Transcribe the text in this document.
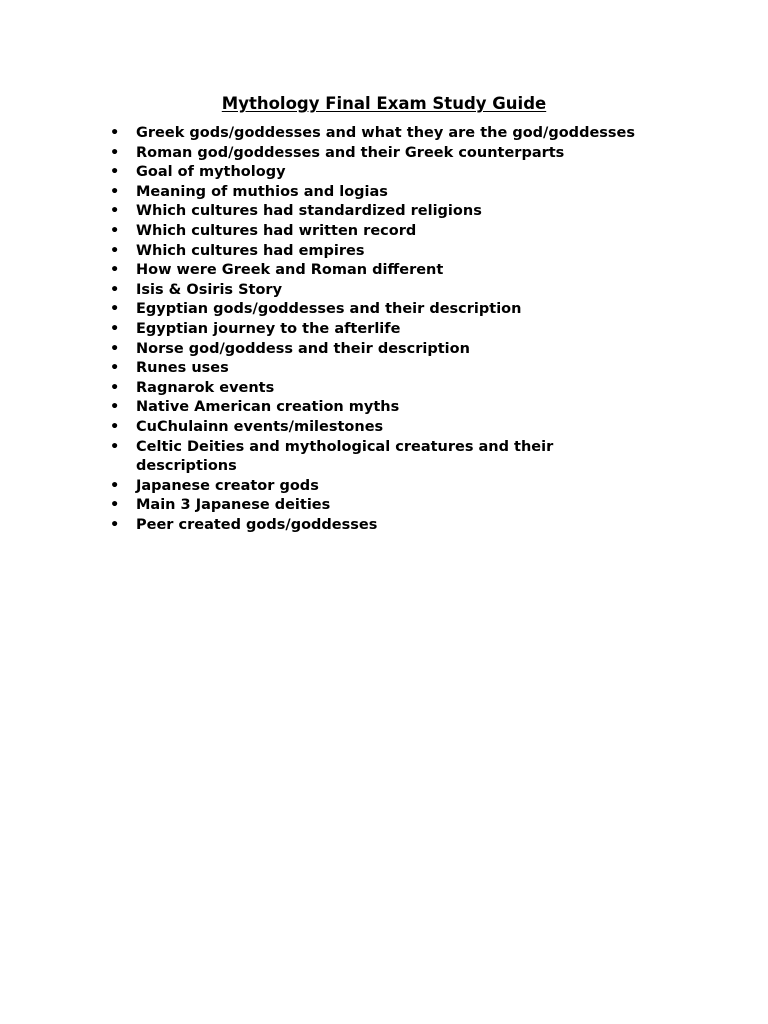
Mythology Final Exam Study Guide
• Greek gods/goddesses and what they are the god/goddesses
• Roman god/goddesses and their Greek counterparts
• Goal of mythology
• Meaning of muthios and logias
• Which cultures had standardized religions
• Which cultures had written record
• Which cultures had empires
• How were Greek and Roman different
• Isis & Osiris Story
• Egyptian gods/goddesses and their description
• Egyptian journey to the afterlife
• Norse god/goddess and their description
• Runes uses
• Ragnarok events
• Native American creation myths
• CuChulainn events/milestones
• Celtic Deities and mythological creatures and their descriptions
• Japanese creator gods
• Main 3 Japanese deities
• Peer created gods/goddesses
